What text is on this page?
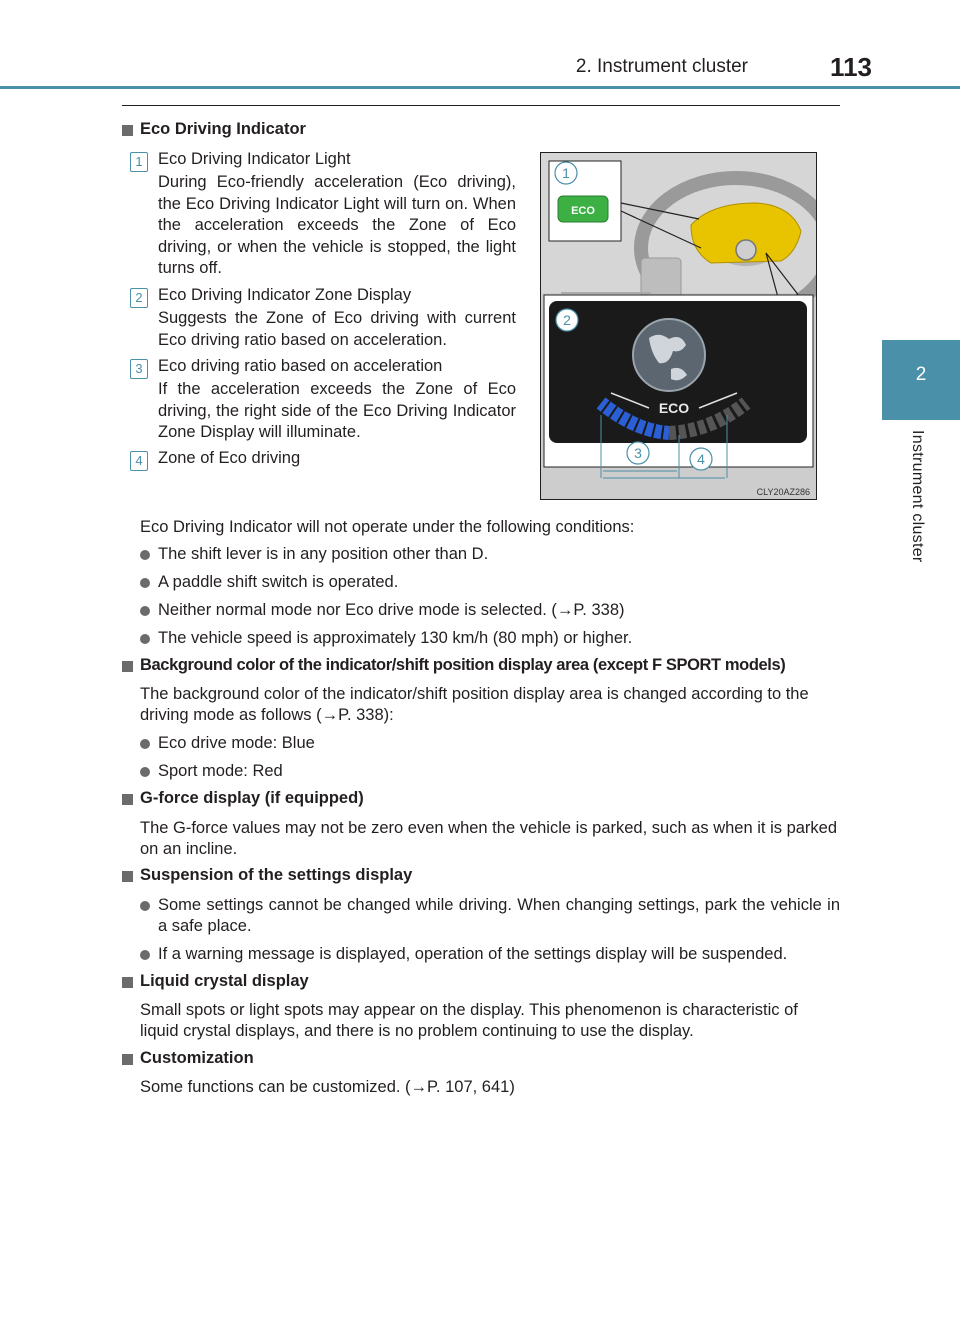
2. Instrument cluster	113
2
Instrument cluster
Eco Driving Indicator
1 Eco Driving Indicator Light
During Eco-friendly acceleration (Eco driving), the Eco Driving Indicator Light will turn on. When the acceleration exceeds the Zone of Eco driving, or when the vehicle is stopped, the light turns off.
2 Eco Driving Indicator Zone Display
Suggests the Zone of Eco driving with current Eco driving ratio based on acceleration.
3 Eco driving ratio based on acceleration
If the acceleration exceeds the Zone of Eco driving, the right side of the Eco Driving Indicator Zone Display will illuminate.
4 Zone of Eco driving
ECO
1
ECO
2
3	4
CLY20AZ286
Eco Driving Indicator will not operate under the following conditions:
The shift lever is in any position other than D.
A paddle shift switch is operated.
Neither normal mode nor Eco drive mode is selected. (→P. 338)
The vehicle speed is approximately 130 km/h (80 mph) or higher.
Background color of the indicator/shift position display area (except F SPORT models)
The background color of the indicator/shift position display area is changed according to the driving mode as follows (→P. 338):
Eco drive mode: Blue
Sport mode: Red
G-force display (if equipped)
The G-force values may not be zero even when the vehicle is parked, such as when it is parked on an incline.
Suspension of the settings display
Some settings cannot be changed while driving. When changing settings, park the vehicle in a safe place.
If a warning message is displayed, operation of the settings display will be suspended.
Liquid crystal display
Small spots or light spots may appear on the display. This phenomenon is characteristic of liquid crystal displays, and there is no problem continuing to use the display.
Customization
Some functions can be customized. (→P. 107, 641)
